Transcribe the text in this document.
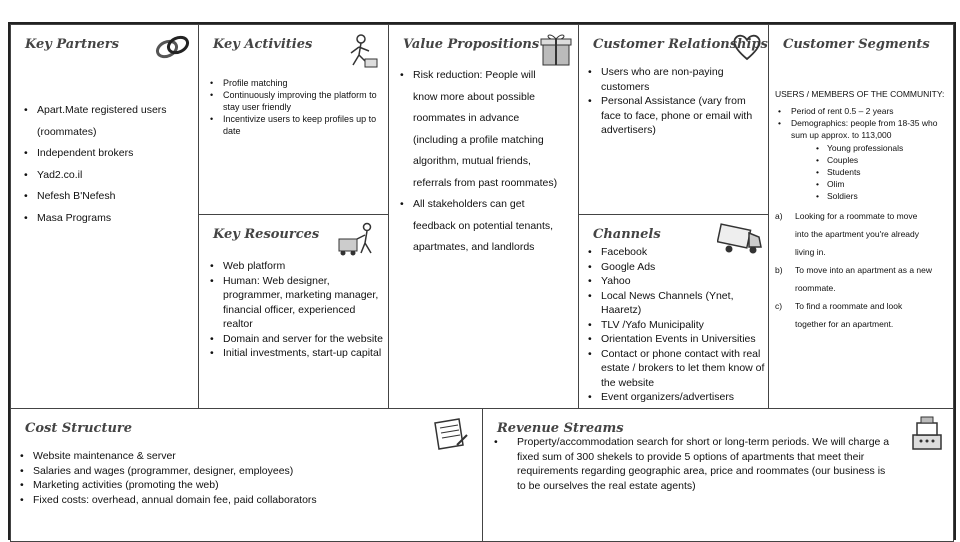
Key Partners
• Apart.Mate registered users
(roommates)
• Independent brokers
• Yad2.co.il
• Nefesh B'Nefesh
• Masa Programs
Key Activities
• Profile matching
• Continuously improving the platform to stay user friendly
• Incentivize users to keep profiles up to date
Key Resources
• Web platform
• Human: Web designer, programmer, marketing manager, financial officer, experienced realtor
• Domain and server for the website
• Initial investments, start-up capital
Value Propositions
• Risk reduction: People will
know more about possible
roommates in advance
(including a profile matching
algorithm, mutual friends,
referrals from past roommates)
• All stakeholders can get
feedback on potential tenants,
apartmates, and landlords
Customer Relationships
• Users who are non-paying customers
• Personal Assistance (vary from face to face, phone or email with advertisers)
Channels
• Facebook
• Google Ads
• Yahoo
• Local News Channels (Ynet, Haaretz)
• TLV /Yafo Municipality
• Orientation Events in Universities
• Contact or phone contact with real estate / brokers to let them know of the website
• Event organizers/advertisers
Customer Segments
USERS / MEMBERS OF THE COMMUNITY:
• Period of rent 0.5 – 2 years
• Demographics: people from 18-35 who sum up approx. to 113,000
• Young professionals
• Couples
• Students
• Olim
• Soldiers
a) Looking for a roommate to move
into the apartment you're already
living in.
b) To move into an apartment as a new
roommate.
c) To find a roommate and look
together for an apartment.
Cost Structure
• Website maintenance & server
• Salaries and wages (programmer, designer, employees)
• Marketing activities (promoting the web)
• Fixed costs: overhead, annual domain fee, paid collaborators
Revenue Streams
• Property/accommodation search for short or long-term periods. We will charge a fixed sum of 300 shekels to provide 5 options of apartments that meet their requirements regarding geographic area, price and roommates (our business is to be ourselves the real estate agents)
